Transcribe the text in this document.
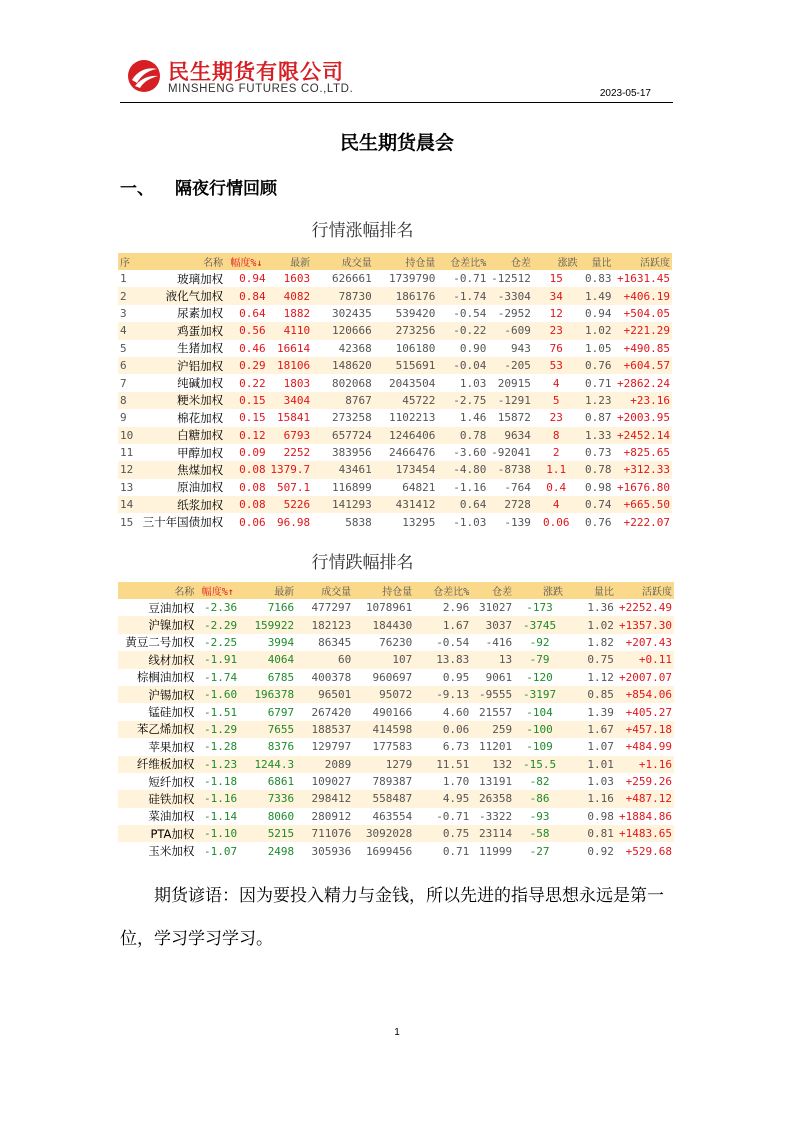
民生期货有限公司
MINSHENG FUTURES CO.,LTD.	2023-05-17
民生期货晨会
一、 隔夜行情回顾
行情涨幅排名
序	名称	幅度%↓	最新	成交量	持仓量	仓差比%	仓差	涨跌	量比	活跃度
1	玻璃加权	0.94	1603	626661	1739790	-0.71	-12512	15	0.83	+1631.45
2	液化气加权	0.84	4082	78730	186176	-1.74	-3304	34	1.49	+406.19
3	尿素加权	0.64	1882	302435	539420	-0.54	-2952	12	0.94	+504.05
4	鸡蛋加权	0.56	4110	120666	273256	-0.22	-609	23	1.02	+221.29
5	生猪加权	0.46	16614	42368	106180	0.90	943	76	1.05	+490.85
6	沪铝加权	0.29	18106	148620	515691	-0.04	-205	53	0.76	+604.57
7	纯碱加权	0.22	1803	802068	2043504	1.03	20915	4	0.71	+2862.24
8	粳米加权	0.15	3404	8767	45722	-2.75	-1291	5	1.23	+23.16
9	棉花加权	0.15	15841	273258	1102213	1.46	15872	23	0.87	+2003.95
10	白糖加权	0.12	6793	657724	1246406	0.78	9634	8	1.33	+2452.14
11	甲醇加权	0.09	2252	383956	2466476	-3.60	-92041	2	0.73	+825.65
12	焦煤加权	0.08	1379.7	43461	173454	-4.80	-8738	1.1	0.78	+312.33
13	原油加权	0.08	507.1	116899	64821	-1.16	-764	0.4	0.98	+1676.80
14	纸浆加权	0.08	5226	141293	431412	0.64	2728	4	0.74	+665.50
15	三十年国债加权	0.06	96.98	5838	13295	-1.03	-139	0.06	0.76	+222.07
行情跌幅排名
名称	幅度%↑	最新	成交量	持仓量	仓差比%	仓差	涨跌	量比	活跃度
豆油加权	-2.36	7166	477297	1078961	2.96	31027	-173	1.36	+2252.49
沪镍加权	-2.29	159922	182123	184430	1.67	3037	-3745	1.02	+1357.30
黄豆二号加权	-2.25	3994	86345	76230	-0.54	-416	-92	1.82	+207.43
线材加权	-1.91	4064	60	107	13.83	13	-79	0.75	+0.11
棕榈油加权	-1.74	6785	400378	960697	0.95	9061	-120	1.12	+2007.07
沪锡加权	-1.60	196378	96501	95072	-9.13	-9555	-3197	0.85	+854.06
锰硅加权	-1.51	6797	267420	490166	4.60	21557	-104	1.39	+405.27
苯乙烯加权	-1.29	7655	188537	414598	0.06	259	-100	1.67	+457.18
苹果加权	-1.28	8376	129797	177583	6.73	11201	-109	1.07	+484.99
纤维板加权	-1.23	1244.3	2089	1279	11.51	132	-15.5	1.01	+1.16
短纤加权	-1.18	6861	109027	789387	1.70	13191	-82	1.03	+259.26
硅铁加权	-1.16	7336	298412	558487	4.95	26358	-86	1.16	+487.12
菜油加权	-1.14	8060	280912	463554	-0.71	-3322	-93	0.98	+1884.86
PTA加权	-1.10	5215	711076	3092028	0.75	23114	-58	0.81	+1483.65
玉米加权	-1.07	2498	305936	1699456	0.71	11999	-27	0.92	+529.68
期货谚语：因为要投入精力与金钱，所以先进的指导思想永远是第一位，学习学习学习。
1
